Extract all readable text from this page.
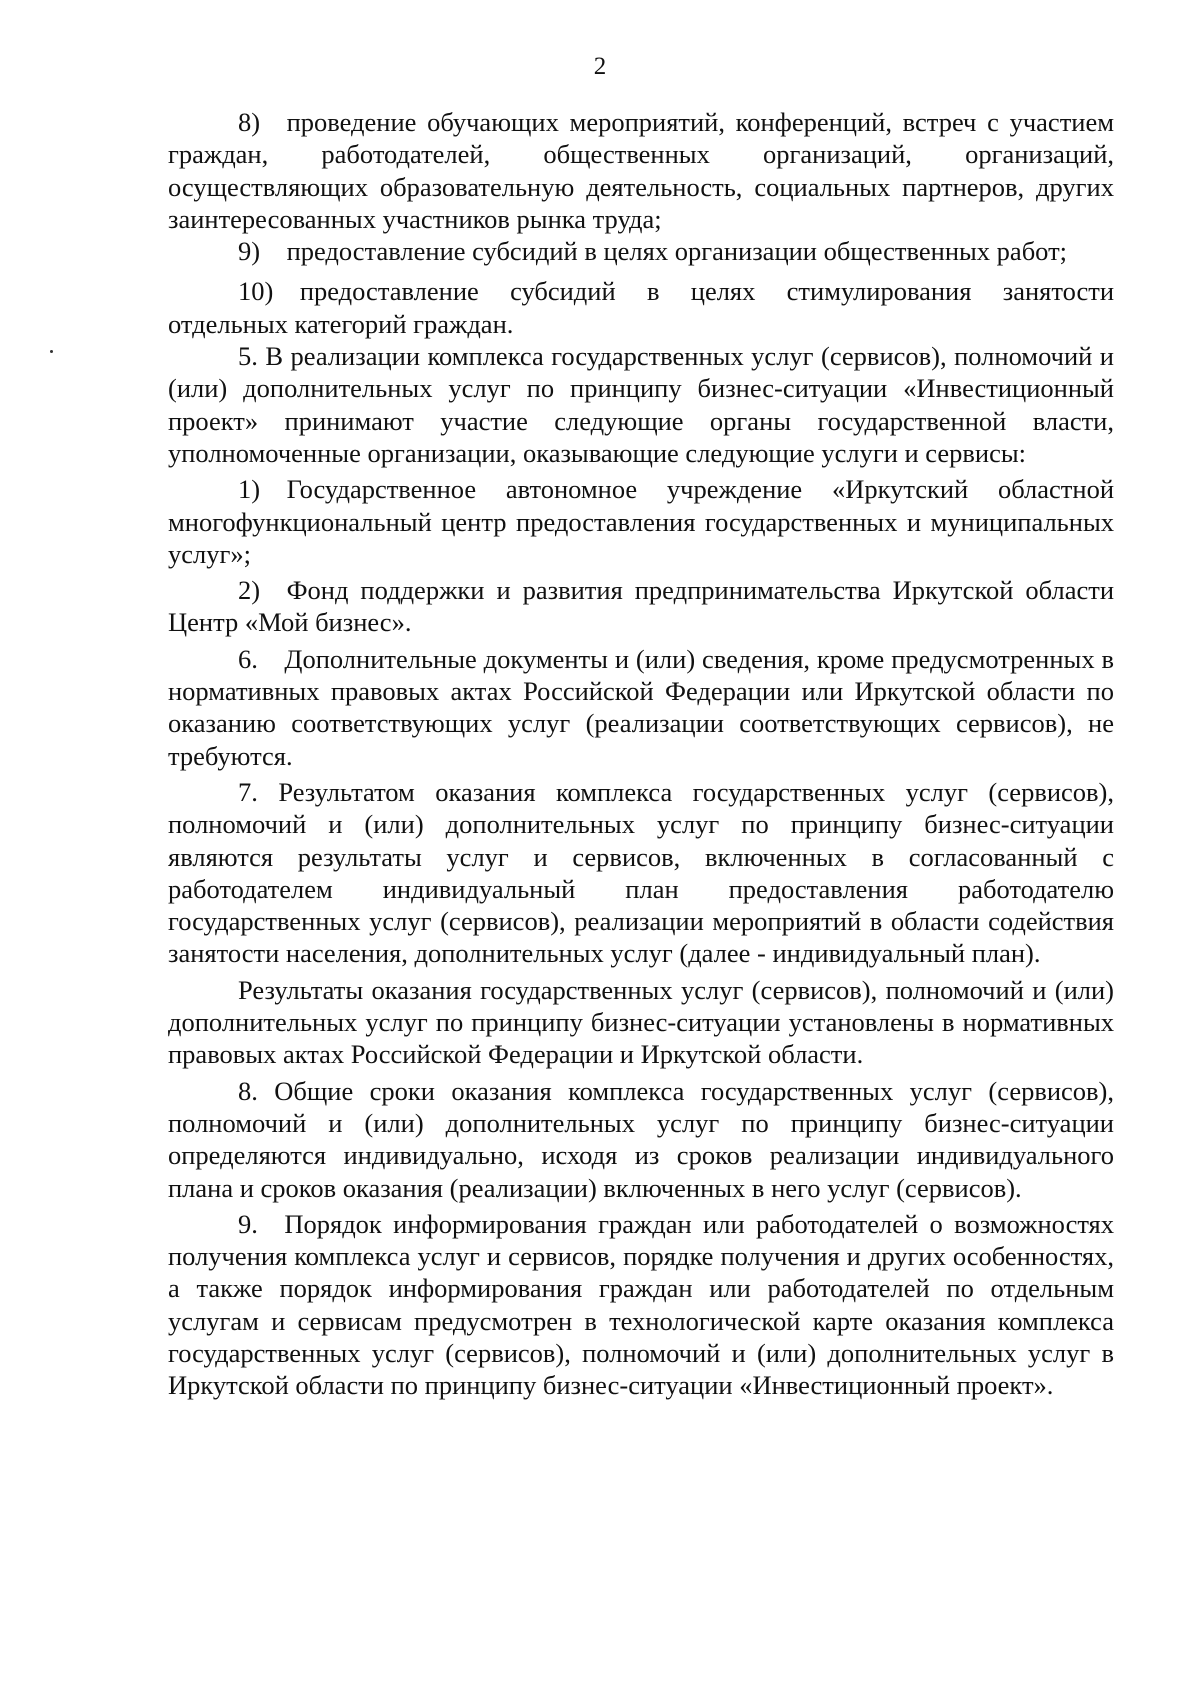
2

8) проведение обучающих мероприятий, конференций, встреч с участием граждан, работодателей, общественных организаций, организаций, осуществляющих образовательную деятельность, социальных партнеров, других заинтересованных участников рынка труда;

9) предоставление субсидий в целях организации общественных работ;

10) предоставление субсидий в целях стимулирования занятости отдельных категорий граждан.

5. В реализации комплекса государственных услуг (сервисов), полномочий и (или) дополнительных услуг по принципу бизнес-ситуации «Инвестиционный проект» принимают участие следующие органы государственной власти, уполномоченные организации, оказывающие следующие услуги и сервисы:

1) Государственное автономное учреждение «Иркутский областной многофункциональный центр предоставления государственных и муниципальных услуг»;

2) Фонд поддержки и развития предпринимательства Иркутской области Центр «Мой бизнес».

6. Дополнительные документы и (или) сведения, кроме предусмотренных в нормативных правовых актах Российской Федерации или Иркутской области по оказанию соответствующих услуг (реализации соответствующих сервисов), не требуются.

7. Результатом оказания комплекса государственных услуг (сервисов), полномочий и (или) дополнительных услуг по принципу бизнес-ситуации являются результаты услуг и сервисов, включенных в согласованный с работодателем индивидуальный план предоставления работодателю государственных услуг (сервисов), реализации мероприятий в области содействия занятости населения, дополнительных услуг (далее - индивидуальный план).

Результаты оказания государственных услуг (сервисов), полномочий и (или) дополнительных услуг по принципу бизнес-ситуации установлены в нормативных правовых актах Российской Федерации и Иркутской области.

8. Общие сроки оказания комплекса государственных услуг (сервисов), полномочий и (или) дополнительных услуг по принципу бизнес-ситуации определяются индивидуально, исходя из сроков реализации индивидуального плана и сроков оказания (реализации) включенных в него услуг (сервисов).

9. Порядок информирования граждан или работодателей о возможностях получения комплекса услуг и сервисов, порядке получения и других особенностях, а также порядок информирования граждан или работодателей по отдельным услугам и сервисам предусмотрен в технологической карте оказания комплекса государственных услуг (сервисов), полномочий и (или) дополнительных услуг в Иркутской области по принципу бизнес-ситуации «Инвестиционный проект».
